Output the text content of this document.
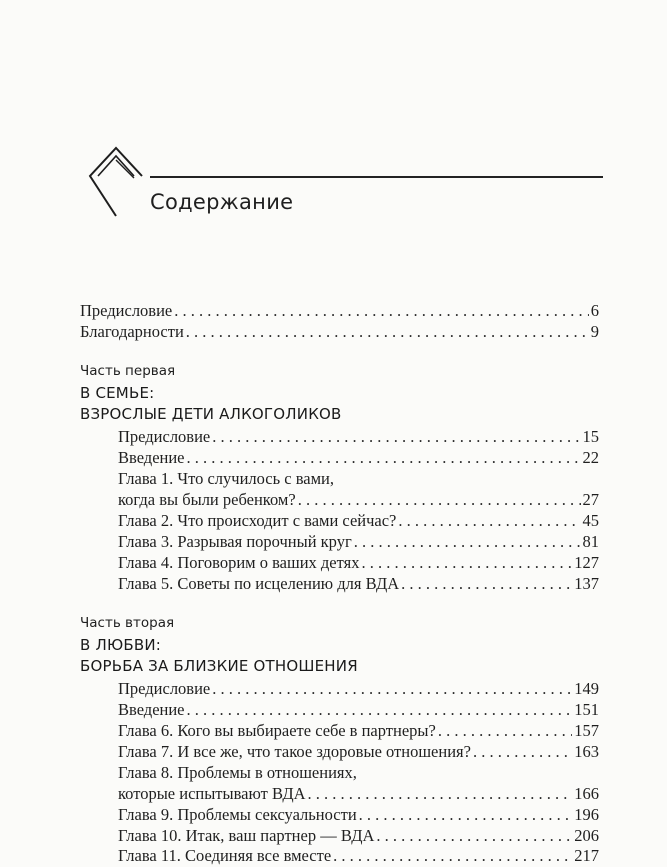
Содержание
Предисловие . . .	6
Благодарности . . .	9
Часть первая
В СЕМЬЕ:
ВЗРОСЛЫЕ ДЕТИ АЛКОГОЛИКОВ
Предисловие . . .	15
Введение . . .	22
Глава 1. Что случилось с вами,
когда вы были ребенком? . . .	27
Глава 2. Что происходит с вами сейчас? . . .	45
Глава 3. Разрывая порочный круг . . .	81
Глава 4. Поговорим о ваших детях . . .	127
Глава 5. Советы по исцелению для ВДА . . .	137
Часть вторая
В ЛЮБВИ:
БОРЬБА ЗА БЛИЗКИЕ ОТНОШЕНИЯ
Предисловие . . .	149
Введение . . .	151
Глава 6. Кого вы выбираете себе в партнеры? . . .	157
Глава 7. И все же, что такое здоровые отношения? . . .	163
Глава 8. Проблемы в отношениях,
которые испытывают ВДА . . .	166
Глава 9. Проблемы сексуальности . . .	196
Глава 10. Итак, ваш партнер — ВДА . . .	206
Глава 11. Соединяя все вместе . . .	217
